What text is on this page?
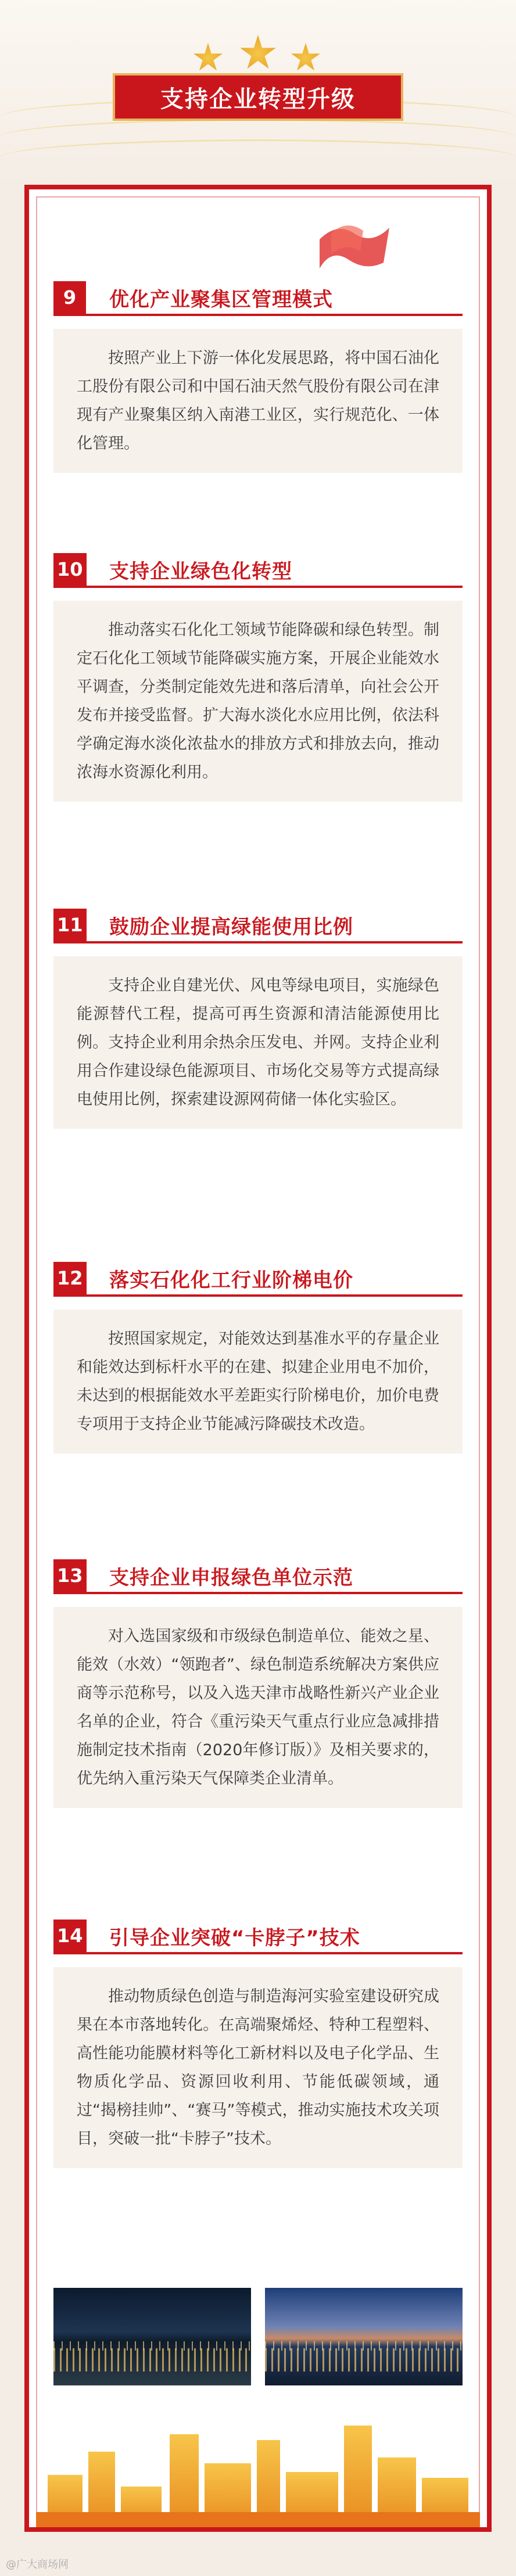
支持企业转型升级
9	优化产业聚集区管理模式
按照产业上下游一体化发展思路，将中国石油化工股份有限公司和中国石油天然气股份有限公司在津现有产业聚集区纳入南港工业区，实行规范化、一体化管理。
10 支持企业绿色化转型
推动落实石化化工领域节能降碳和绿色转型。制定石化化工领域节能降碳实施方案，开展企业能效水平调查，分类制定能效先进和落后清单，向社会公开发布并接受监督。扩大海水淡化水应用比例，依法科学确定海水淡化浓盐水的排放方式和排放去向，推动浓海水资源化利用。
11 鼓励企业提高绿能使用比例
支持企业自建光伏、风电等绿电项目，实施绿色能源替代工程，提高可再生资源和清洁能源使用比例。支持企业利用余热余压发电、并网。支持企业利用合作建设绿色能源项目、市场化交易等方式提高绿电使用比例，探索建设源网荷储一体化实验区。
12 落实石化化工行业阶梯电价
按照国家规定，对能效达到基准水平的存量企业和能效达到标杆水平的在建、拟建企业用电不加价，未达到的根据能效水平差距实行阶梯电价，加价电费专项用于支持企业节能减污降碳技术改造。
13 支持企业申报绿色单位示范
对入选国家级和市级绿色制造单位、能效之星、能效（水效）“领跑者”、绿色制造系统解决方案供应商等示范称号，以及入选天津市战略性新兴产业企业名单的企业，符合《重污染天气重点行业应急减排措施制定技术指南（2020年修订版）》及相关要求的，优先纳入重污染天气保障类企业清单。
14 引导企业突破“卡脖子”技术
推动物质绿色创造与制造海河实验室建设研究成果在本市落地转化。在高端聚烯烃、特种工程塑料、高性能功能膜材料等化工新材料以及电子化学品、生物质化学品、资源回收利用、节能低碳领域，通过“揭榜挂帅”、“赛马”等模式，推动实施技术攻关项目，突破一批“卡脖子”技术。
@广大商场网
